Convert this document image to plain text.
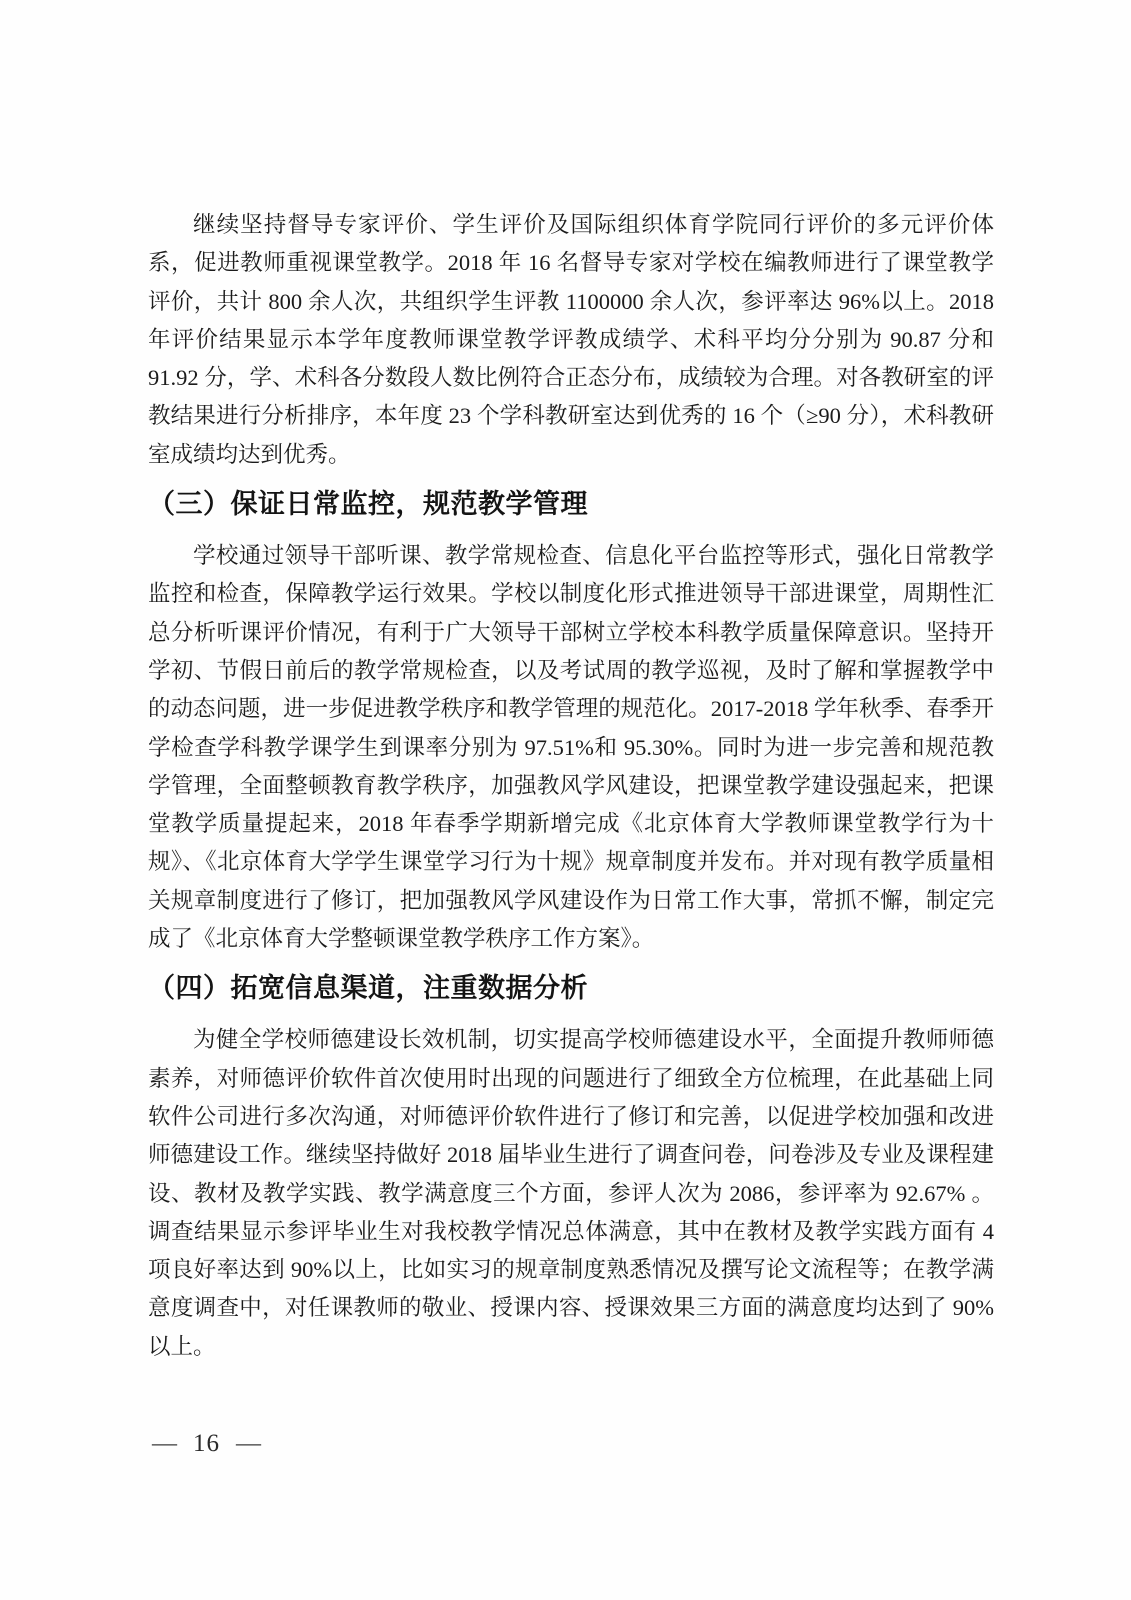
继续坚持督导专家评价、学生评价及国际组织体育学院同行评价的多元评价体系，促进教师重视课堂教学。2018 年 16 名督导专家对学校在编教师进行了课堂教学评价，共计 800 余人次，共组织学生评教 1100000 余人次，参评率达 96%以上。2018 年评价结果显示本学年度教师课堂教学评教成绩学、术科平均分分别为 90.87 分和 91.92 分，学、术科各分数段人数比例符合正态分布，成绩较为合理。对各教研室的评教结果进行分析排序，本年度 23 个学科教研室达到优秀的 16 个（≥90 分），术科教研室成绩均达到优秀。

（三）保证日常监控，规范教学管理

学校通过领导干部听课、教学常规检查、信息化平台监控等形式，强化日常教学监控和检查，保障教学运行效果。学校以制度化形式推进领导干部进课堂，周期性汇总分析听课评价情况，有利于广大领导干部树立学校本科教学质量保障意识。坚持开学初、节假日前后的教学常规检查，以及考试周的教学巡视，及时了解和掌握教学中的动态问题，进一步促进教学秩序和教学管理的规范化。2017-2018 学年秋季、春季开学检查学科教学课学生到课率分别为 97.51%和 95.30%。同时为进一步完善和规范教学管理，全面整顿教育教学秩序，加强教风学风建设，把课堂教学建设强起来，把课堂教学质量提起来，2018 年春季学期新增完成《北京体育大学教师课堂教学行为十规》、《北京体育大学学生课堂学习行为十规》规章制度并发布。并对现有教学质量相关规章制度进行了修订，把加强教风学风建设作为日常工作大事，常抓不懈，制定完成了《北京体育大学整顿课堂教学秩序工作方案》。

（四）拓宽信息渠道，注重数据分析

为健全学校师德建设长效机制，切实提高学校师德建设水平，全面提升教师师德素养，对师德评价软件首次使用时出现的问题进行了细致全方位梳理，在此基础上同软件公司进行多次沟通，对师德评价软件进行了修订和完善，以促进学校加强和改进师德建设工作。继续坚持做好 2018 届毕业生进行了调查问卷，问卷涉及专业及课程建设、教材及教学实践、教学满意度三个方面，参评人次为 2086，参评率为 92.67% 。调查结果显示参评毕业生对我校教学情况总体满意，其中在教材及教学实践方面有 4 项良好率达到 90%以上，比如实习的规章制度熟悉情况及撰写论文流程等；在教学满意度调查中，对任课教师的敬业、授课内容、授课效果三方面的满意度均达到了 90%以上。

— 16 —
